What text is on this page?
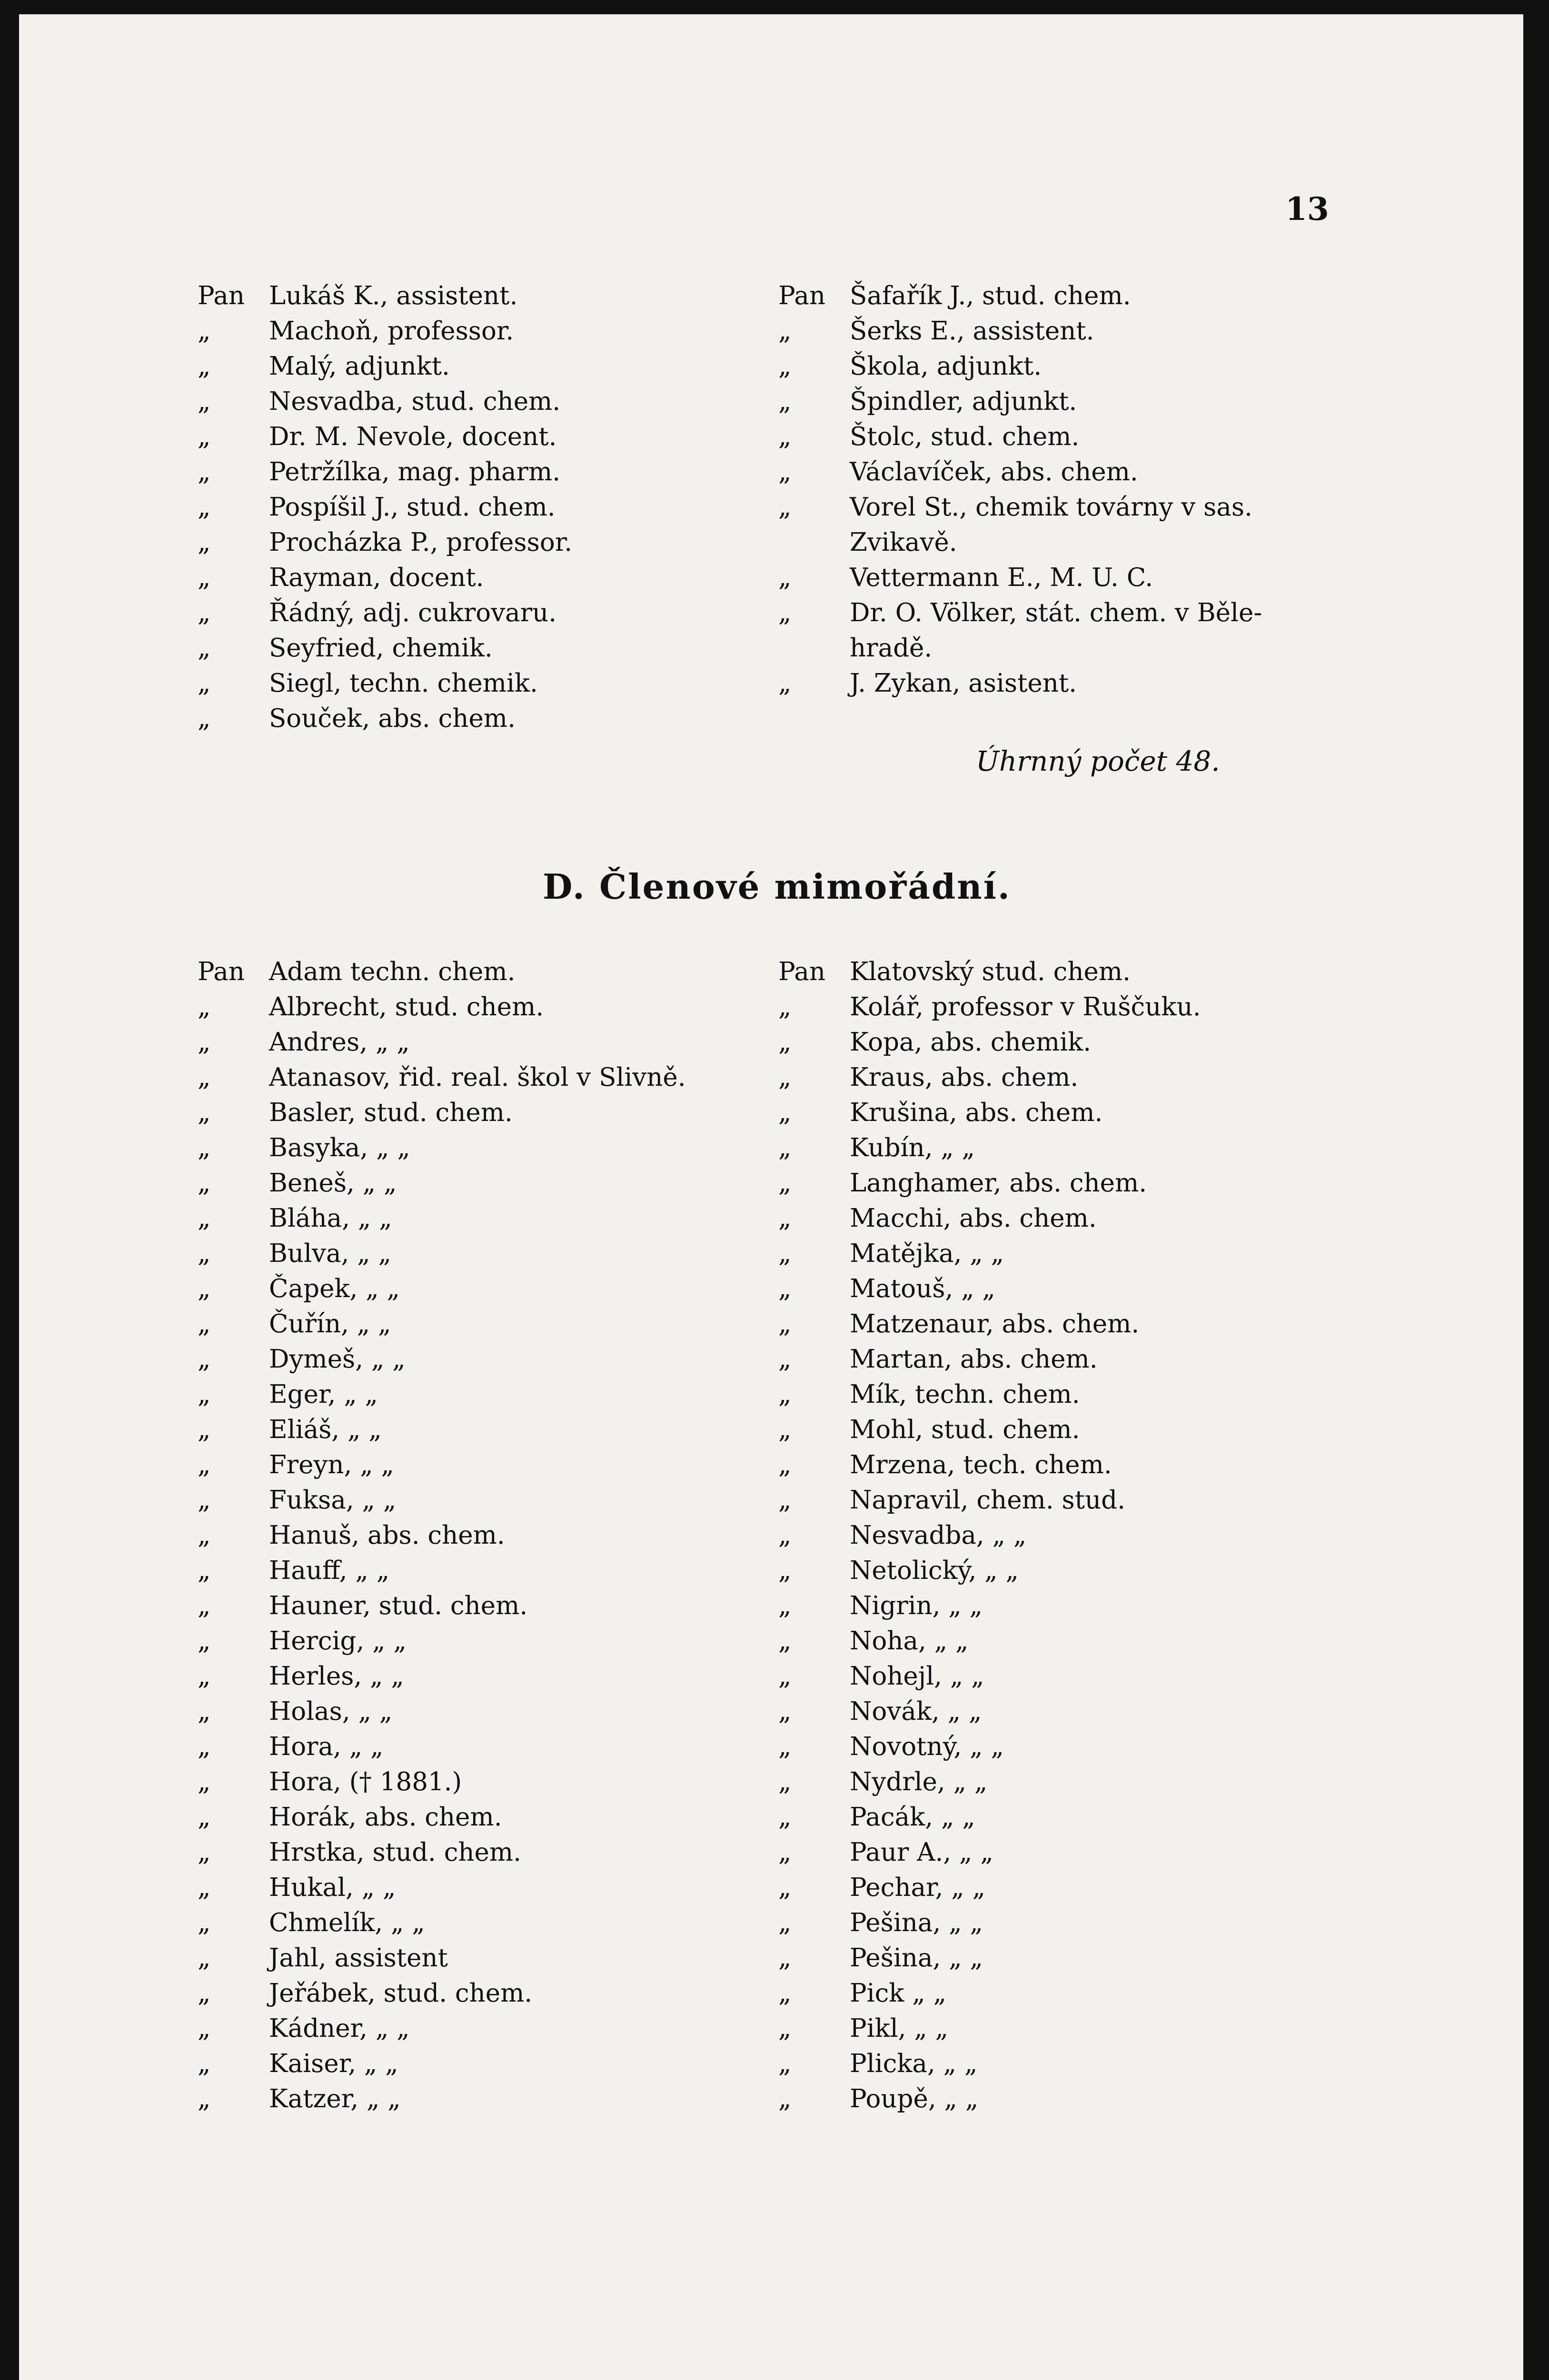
13
Pan Lukáš K., assistent.
„	Machoň, professor.
„	Malý, adjunkt.
„	Nesvadba, stud. chem.
„	Dr. M. Nevole, docent.
„	Petržílka, mag. pharm.
„	Pospíšil J., stud. chem.
„	Procházka P., professor.
„	Rayman, docent.
„	Řádný, adj. cukrovaru.
„	Seyfried, chemik.
„	Siegl, techn. chemik.
„	Souček, abs. chem.
Pan Šafařík J., stud. chem.
„	Šerks E., assistent.
„	Škola, adjunkt.
„	Špindler, adjunkt.
„	Štolc, stud. chem.
„	Václavíček, abs. chem.
„	Vorel St., chemik továrny v sas.
Zvikavě.
„	Vettermann E., M. U. C.
„	Dr. O. Völker, stát. chem. v Běle-
hradě.
„	J. Zykan, asistent.
Úhrnný počet 48.
D. Členové mimořádní.
Pan Adam techn. chem.
„	Albrecht, stud. chem.
„	Andres, „ „
„	Atanasov, řid. real. škol v Slivně.
„	Basler, stud. chem.
„	Basyka, „ „
„	Beneš, „ „
„	Bláha, „ „
„	Bulva, „ „
„	Čapek, „ „
„	Čuřín, „ „
„	Dymeš, „ „
„	Eger, „ „
„	Eliáš, „ „
„	Freyn, „ „
„	Fuksa, „ „
„	Hanuš, abs. chem.
„	Hauff, „ „
„	Hauner, stud. chem.
„	Hercig, „ „
„	Herles, „ „
„	Holas, „ „
„	Hora, „ „
„	Hora, († 1881.)
„	Horák, abs. chem.
„	Hrstka, stud. chem.
„	Hukal, „ „
„	Chmelík, „ „
„	Jahl, assistent
„	Jeřábek, stud. chem.
„	Kádner, „ „
„	Kaiser, „ „
„	Katzer, „ „
Pan Klatovský stud. chem.
„	Kolář, professor v Ruščuku.
„	Kopa, abs. chemik.
„	Kraus, abs. chem.
„	Krušina, abs. chem.
„	Kubín, „ „
„	Langhamer, abs. chem.
„	Macchi, abs. chem.
„	Matějka, „ „
„	Matouš, „ „
„	Matzenaur, abs. chem.
„	Martan, abs. chem.
„	Mík, techn. chem.
„	Mohl, stud. chem.
„	Mrzena, tech. chem.
„	Napravil, chem. stud.
„	Nesvadba, „ „
„	Netolický, „ „
„	Nigrin, „ „
„	Noha, „ „
„	Nohejl, „ „
„	Novák, „ „
„	Novotný, „ „
„	Nydrle, „ „
„	Pacák, „ „
„	Paur A., „ „
„	Pechar, „ „
„	Pešina, „ „
„	Pešina, „ „
„	Pick „ „
„	Pikl, „ „
„	Plicka, „ „
„	Poupě, „ „
